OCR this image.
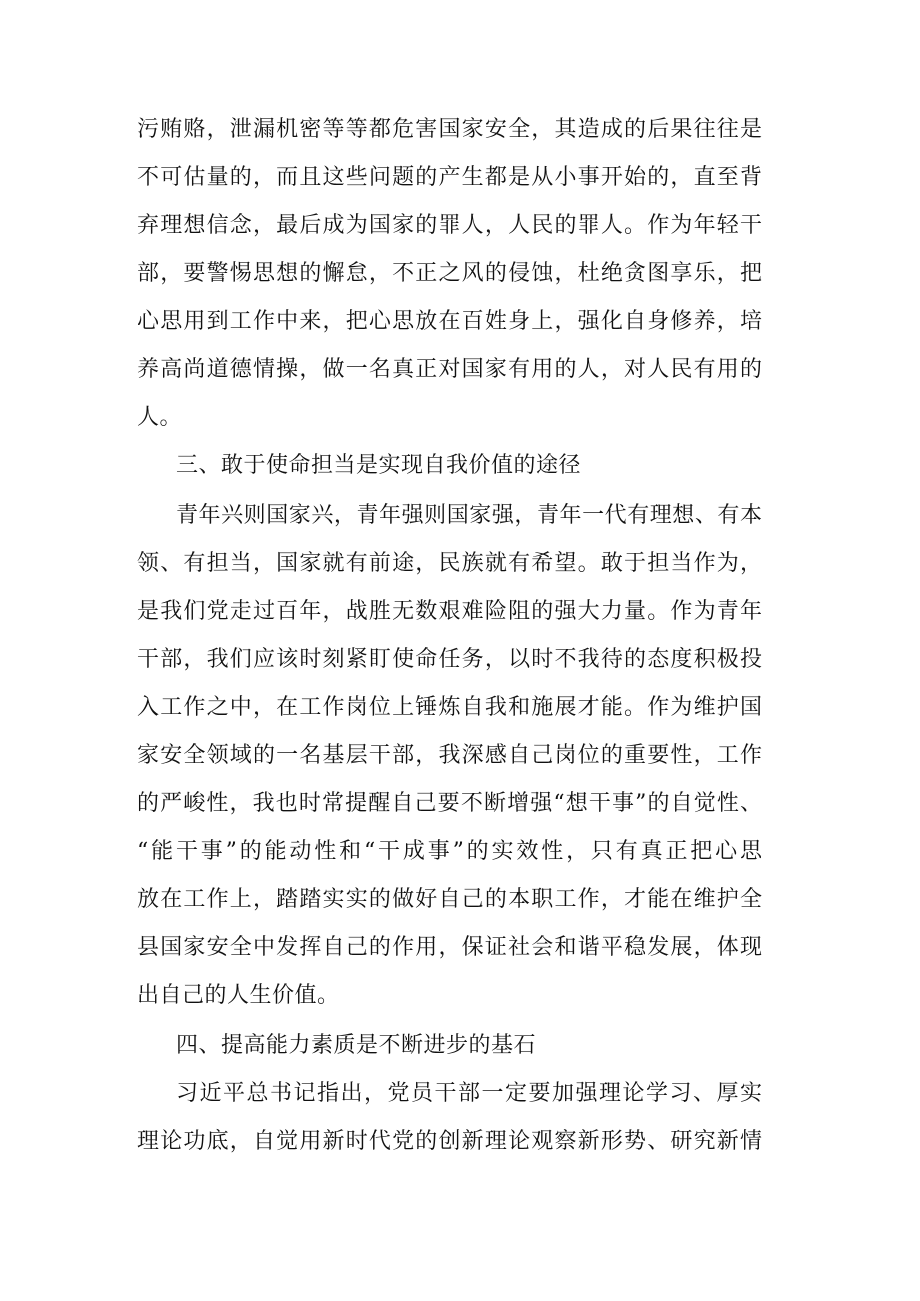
污贿赂，泄漏机密等等都危害国家安全，其造成的后果往往是
不可估量的，而且这些问题的产生都是从小事开始的，直至背
弃理想信念，最后成为国家的罪人，人民的罪人。作为年轻干
部，要警惕思想的懈怠，不正之风的侵蚀，杜绝贪图享乐，把
心思用到工作中来，把心思放在百姓身上，强化自身修养，培
养高尚道德情操，做一名真正对国家有用的人，对人民有用的
人。
三、敢于使命担当是实现自我价值的途径
青年兴则国家兴，青年强则国家强，青年一代有理想、有本
领、有担当，国家就有前途，民族就有希望。敢于担当作为，
是我们党走过百年，战胜无数艰难险阻的强大力量。作为青年
干部，我们应该时刻紧盯使命任务，以时不我待的态度积极投
入工作之中，在工作岗位上锤炼自我和施展才能。作为维护国
家安全领域的一名基层干部，我深感自己岗位的重要性，工作
的严峻性，我也时常提醒自己要不断增强“想干事”的自觉性、
“能干事”的能动性和“干成事”的实效性，只有真正把心思
放在工作上，踏踏实实的做好自己的本职工作，才能在维护全
县国家安全中发挥自己的作用，保证社会和谐平稳发展，体现
出自己的人生价值。
四、提高能力素质是不断进步的基石
习近平总书记指出，党员干部一定要加强理论学习、厚实
理论功底，自觉用新时代党的创新理论观察新形势、研究新情
